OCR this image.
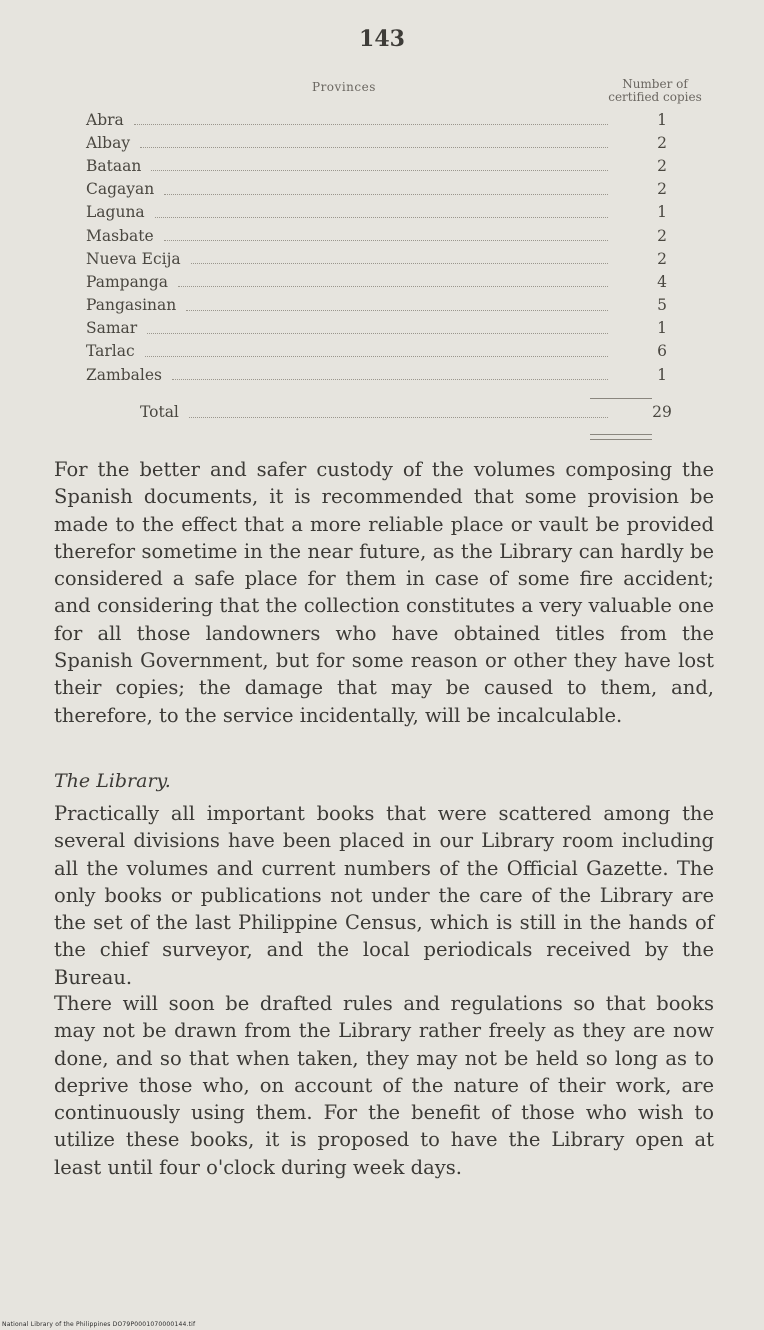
143
Provinces	Number of
certified copies
Abra	1
Albay	2
Bataan	2
Cagayan	2
Laguna	1
Masbate	2
Nueva Ecija	2
Pampanga	4
Pangasinan	5
Samar	1
Tarlac	6
Zambales	1
Total	29

For the better and safer custody of the volumes composing the Spanish documents, it is recommended that some provision be made to the effect that a more reliable place or vault be provided therefor sometime in the near future, as the Library can hardly be considered a safe place for them in case of some fire accident; and considering that the collection constitutes a very valuable one for all those landowners who have obtained titles from the Spanish Government, but for some reason or other they have lost their copies; the damage that may be caused to them, and, therefore, to the service incidentally, will be incalculable.

The Library.

Practically all important books that were scattered among the several divisions have been placed in our Library room including all the volumes and current numbers of the Official Gazette. The only books or publications not under the care of the Library are the set of the last Philippine Census, which is still in the hands of the chief surveyor, and the local periodicals received by the Bureau.

There will soon be drafted rules and regulations so that books may not be drawn from the Library rather freely as they are now done, and so that when taken, they may not be held so long as to deprive those who, on account of the nature of their work, are continuously using them. For the benefit of those who wish to utilize these books, it is proposed to have the Library open at least until four o'clock during week days.

National Library of the Philippines DO79P0001070000144.tif
